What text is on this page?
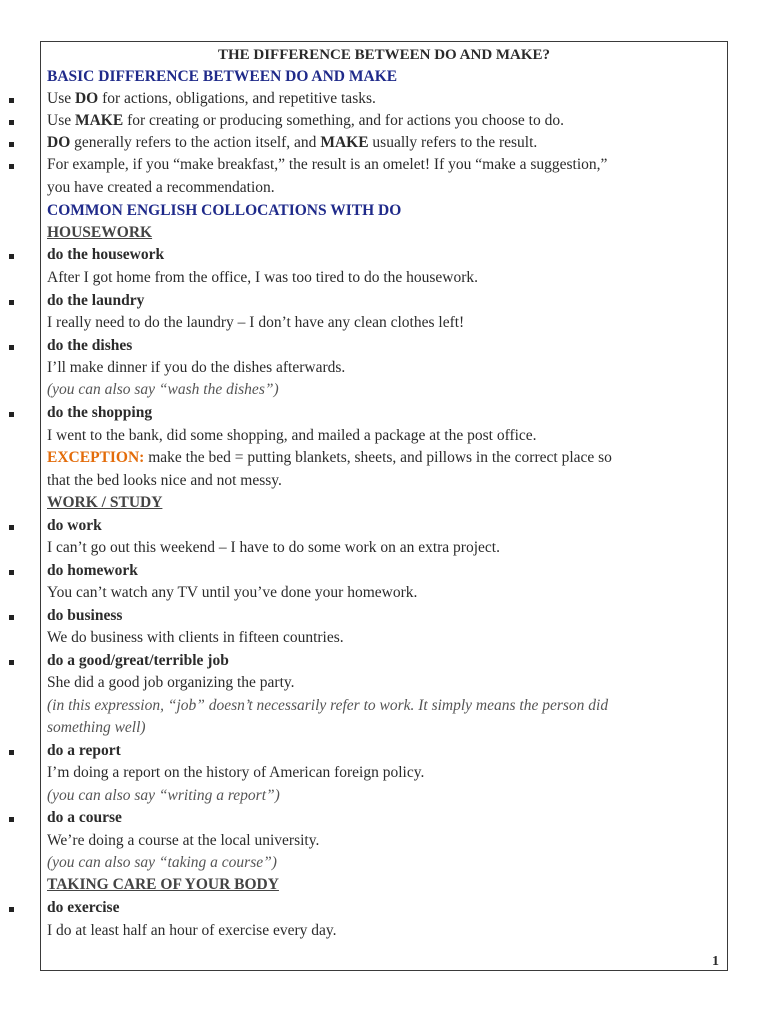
THE DIFFERENCE BETWEEN DO AND MAKE?
BASIC DIFFERENCE BETWEEN DO AND MAKE
Use DO for actions, obligations, and repetitive tasks.
Use MAKE for creating or producing something, and for actions you choose to do.
DO generally refers to the action itself, and MAKE usually refers to the result.
For example, if you “make breakfast,” the result is an omelet! If you “make a suggestion,”
you have created a recommendation.
COMMON ENGLISH COLLOCATIONS WITH DO
HOUSEWORK
do the housework
After I got home from the office, I was too tired to do the housework.
do the laundry
I really need to do the laundry – I don’t have any clean clothes left!
do the dishes
I’ll make dinner if you do the dishes afterwards.
(you can also say “wash the dishes”)
do the shopping
I went to the bank, did some shopping, and mailed a package at the post office.
EXCEPTION: make the bed = putting blankets, sheets, and pillows in the correct place so
that the bed looks nice and not messy.
WORK / STUDY
do work
I can’t go out this weekend – I have to do some work on an extra project.
do homework
You can’t watch any TV until you’ve done your homework.
do business
We do business with clients in fifteen countries.
do a good/great/terrible job
She did a good job organizing the party.
(in this expression, “job” doesn’t necessarily refer to work. It simply means the person did
something well)
do a report
I’m doing a report on the history of American foreign policy.
(you can also say “writing a report”)
do a course
We’re doing a course at the local university.
(you can also say “taking a course”)
TAKING CARE OF YOUR BODY
do exercise
I do at least half an hour of exercise every day.
1
